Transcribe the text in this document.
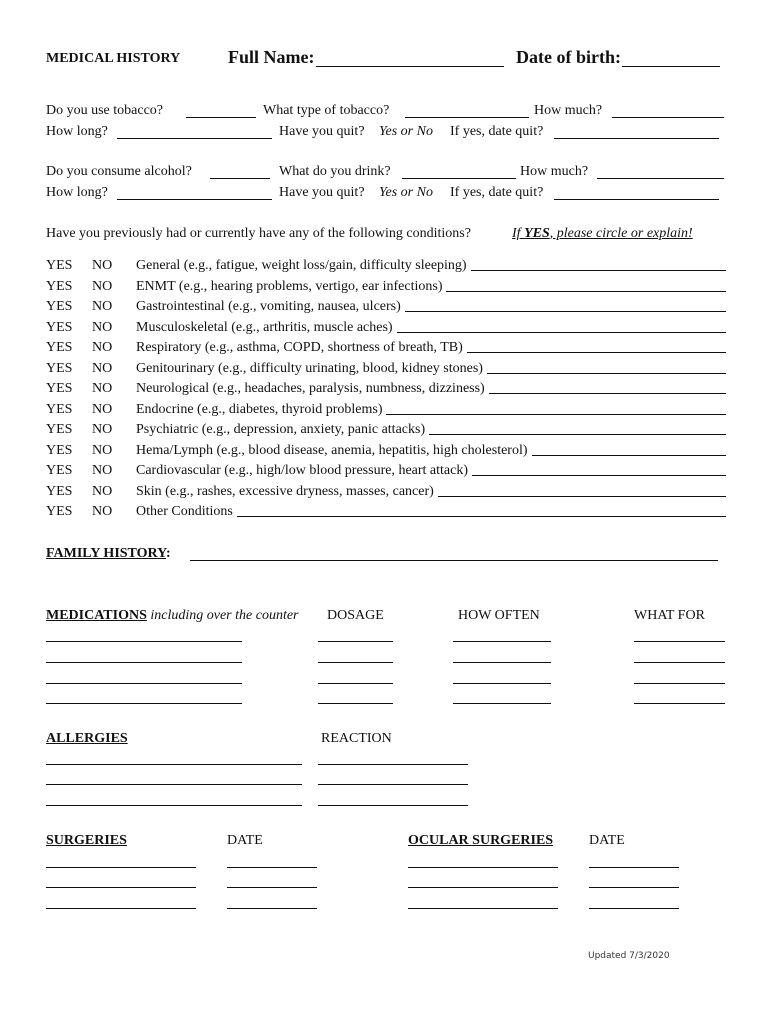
MEDICAL HISTORY	Full Name:	Date of birth:
Do you use tobacco?	What type of tobacco?	How much?
How long?	Have you quit? Yes or No If yes, date quit?
Do you consume alcohol?	What do you drink?	How much?
How long?	Have you quit? Yes or No If yes, date quit?
Have you previously had or currently have any of the following conditions?	If YES, please circle or explain!
YES	NO	General (e.g., fatigue, weight loss/gain, difficulty sleeping)
YES	NO	ENMT (e.g., hearing problems, vertigo, ear infections)
YES	NO	Gastrointestinal (e.g., vomiting, nausea, ulcers)
YES	NO	Musculoskeletal (e.g., arthritis, muscle aches)
YES	NO	Respiratory (e.g., asthma, COPD, shortness of breath, TB)
YES	NO	Genitourinary (e.g., difficulty urinating, blood, kidney stones)
YES	NO	Neurological (e.g., headaches, paralysis, numbness, dizziness)
YES	NO	Endocrine (e.g., diabetes, thyroid problems)
YES	NO	Psychiatric (e.g., depression, anxiety, panic attacks)
YES	NO	Hema/Lymph (e.g., blood disease, anemia, hepatitis, high cholesterol)
YES	NO	Cardiovascular (e.g., high/low blood pressure, heart attack)
YES	NO	Skin (e.g., rashes, excessive dryness, masses, cancer)
YES	NO	Other Conditions
FAMILY HISTORY:
MEDICATIONS including over the counter DOSAGE	HOW OFTEN	WHAT FOR
ALLERGIES	REACTION
SURGERIES	DATE	OCULAR SURGERIES	DATE
Updated 7/3/2020
